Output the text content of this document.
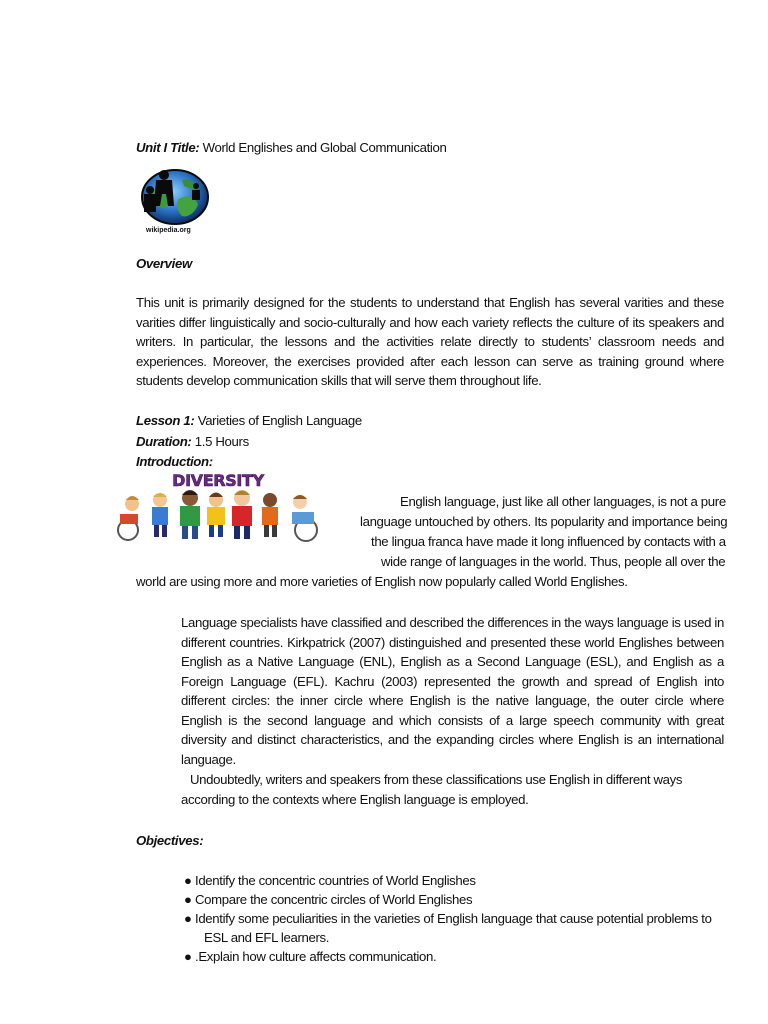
Unit I Title: World Englishes and Global Communication
wikipedia.org
Overview
This unit is primarily designed for the students to understand that English has several varities and these varities differ linguistically and socio-culturally and how each variety reflects the culture of its speakers and writers. In particular, the lessons and the activities relate directly to students’ classroom needs and experiences. Moreover, the exercises provided after each lesson can serve as training ground where students develop communication skills that will serve them throughout life.
Lesson 1: Varieties of English Language
Duration: 1.5 Hours
Introduction:
DIVERSITY
English language, just like all other languages, is not a pure
language untouched by others. Its popularity and importance being
the lingua franca have made it long influenced by contacts with a
wide range of languages in the world. Thus, people all over the
world are using more and more varieties of English now popularly called World Englishes.
Language specialists have classified and described the differences in the ways language is used in different countries. Kirkpatrick (2007) distinguished and presented these world Englishes between English as a Native Language (ENL), English as a Second Language (ESL), and English as a Foreign Language (EFL). Kachru (2003) represented the growth and spread of English into different circles: the inner circle where English is the native language, the outer circle where English is the second language and which consists of a large speech community with great diversity and distinct characteristics, and the expanding circles where English is an international language.
Undoubtedly, writers and speakers from these classifications use English in different ways according to the contexts where English language is employed.
Objectives:
● Identify the concentric countries of World Englishes
● Compare the concentric circles of World Englishes
● Identify some peculiarities in the varieties of English language that cause potential problems to
ESL and EFL learners.
● .Explain how culture affects communication.
